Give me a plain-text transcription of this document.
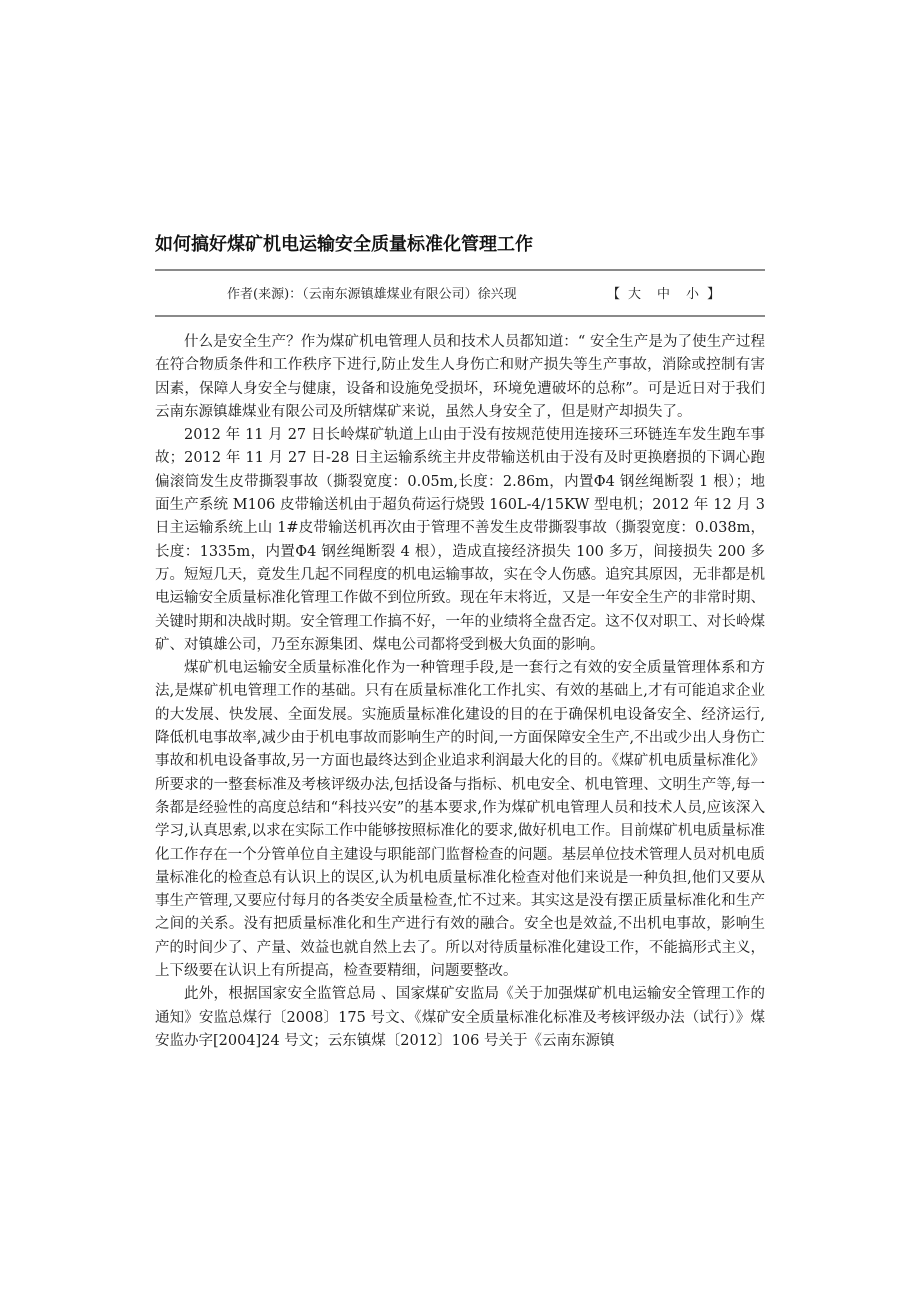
如何搞好煤矿机电运输安全质量标准化管理工作
作者(来源)：（云南东源镇雄煤业有限公司）徐兴现	【 大 中 小 】

什么是安全生产？作为煤矿机电管理人员和技术人员都知道：“ 安全生产是为了使生产过程在符合物质条件和工作秩序下进行,防止发生人身伤亡和财产损失等生产事故，消除或控制有害因素，保障人身安全与健康，设备和设施免受损坏，环境免遭破坏的总称”。可是近日对于我们云南东源镇雄煤业有限公司及所辖煤矿来说，虽然人身安全了，但是财产却损失了。

2012 年 11 月 27 日长岭煤矿轨道上山由于没有按规范使用连接环三环链连车发生跑车事故；2012 年 11 月 27 日-28 日主运输系统主井皮带输送机由于没有及时更换磨损的下调心跑偏滚筒发生皮带撕裂事故（撕裂宽度：0.05m,长度：2.86m，内置Φ4 钢丝绳断裂 1 根）；地面生产系统 M106 皮带输送机由于超负荷运行烧毁 160L-4/15KW 型电机；2012 年 12 月 3 日主运输系统上山 1#皮带输送机再次由于管理不善发生皮带撕裂事故（撕裂宽度：0.038m，长度：1335m，内置Φ4 钢丝绳断裂 4 根），造成直接经济损失 100 多万，间接损失 200 多万。短短几天，竟发生几起不同程度的机电运输事故，实在令人伤感。追究其原因，无非都是机电运输安全质量标准化管理工作做不到位所致。现在年末将近，又是一年安全生产的非常时期、关键时期和决战时期。安全管理工作搞不好，一年的业绩将全盘否定。这不仅对职工、对长岭煤矿、对镇雄公司，乃至东源集团、煤电公司都将受到极大负面的影响。

煤矿机电运输安全质量标准化作为一种管理手段,是一套行之有效的安全质量管理体系和方法,是煤矿机电管理工作的基础。只有在质量标准化工作扎实、有效的基础上,才有可能追求企业的大发展、快发展、全面发展。实施质量标准化建设的目的在于确保机电设备安全、经济运行,降低机电事故率,减少由于机电事故而影响生产的时间,一方面保障安全生产,不出或少出人身伤亡事故和机电设备事故,另一方面也最终达到企业追求利润最大化的目的。《煤矿机电质量标准化》所要求的一整套标准及考核评级办法,包括设备与指标、机电安全、机电管理、文明生产等,每一条都是经验性的高度总结和“科技兴安”的基本要求,作为煤矿机电管理人员和技术人员,应该深入学习,认真思索,以求在实际工作中能够按照标准化的要求,做好机电工作。目前煤矿机电质量标准化工作存在一个分管单位自主建设与职能部门监督检查的问题。基层单位技术管理人员对机电质量标准化的检查总有认识上的误区,认为机电质量标准化检查对他们来说是一种负担,他们又要从事生产管理,又要应付每月的各类安全质量检查,忙不过来。其实这是没有摆正质量标准化和生产之间的关系。没有把质量标准化和生产进行有效的融合。安全也是效益,不出机电事故，影响生产的时间少了、产量、效益也就自然上去了。所以对待质量标准化建设工作，不能搞形式主义，上下级要在认识上有所提高，检查要精细，问题要整改。

此外，根据国家安全监管总局 、国家煤矿安监局《关于加强煤矿机电运输安全管理工作的通知》安监总煤行〔2008〕175 号文、《煤矿安全质量标准化标准及考核评级办法（试行）》煤安监办字[2004]24 号文；云东镇煤〔2012〕106 号关于《云南东源镇
